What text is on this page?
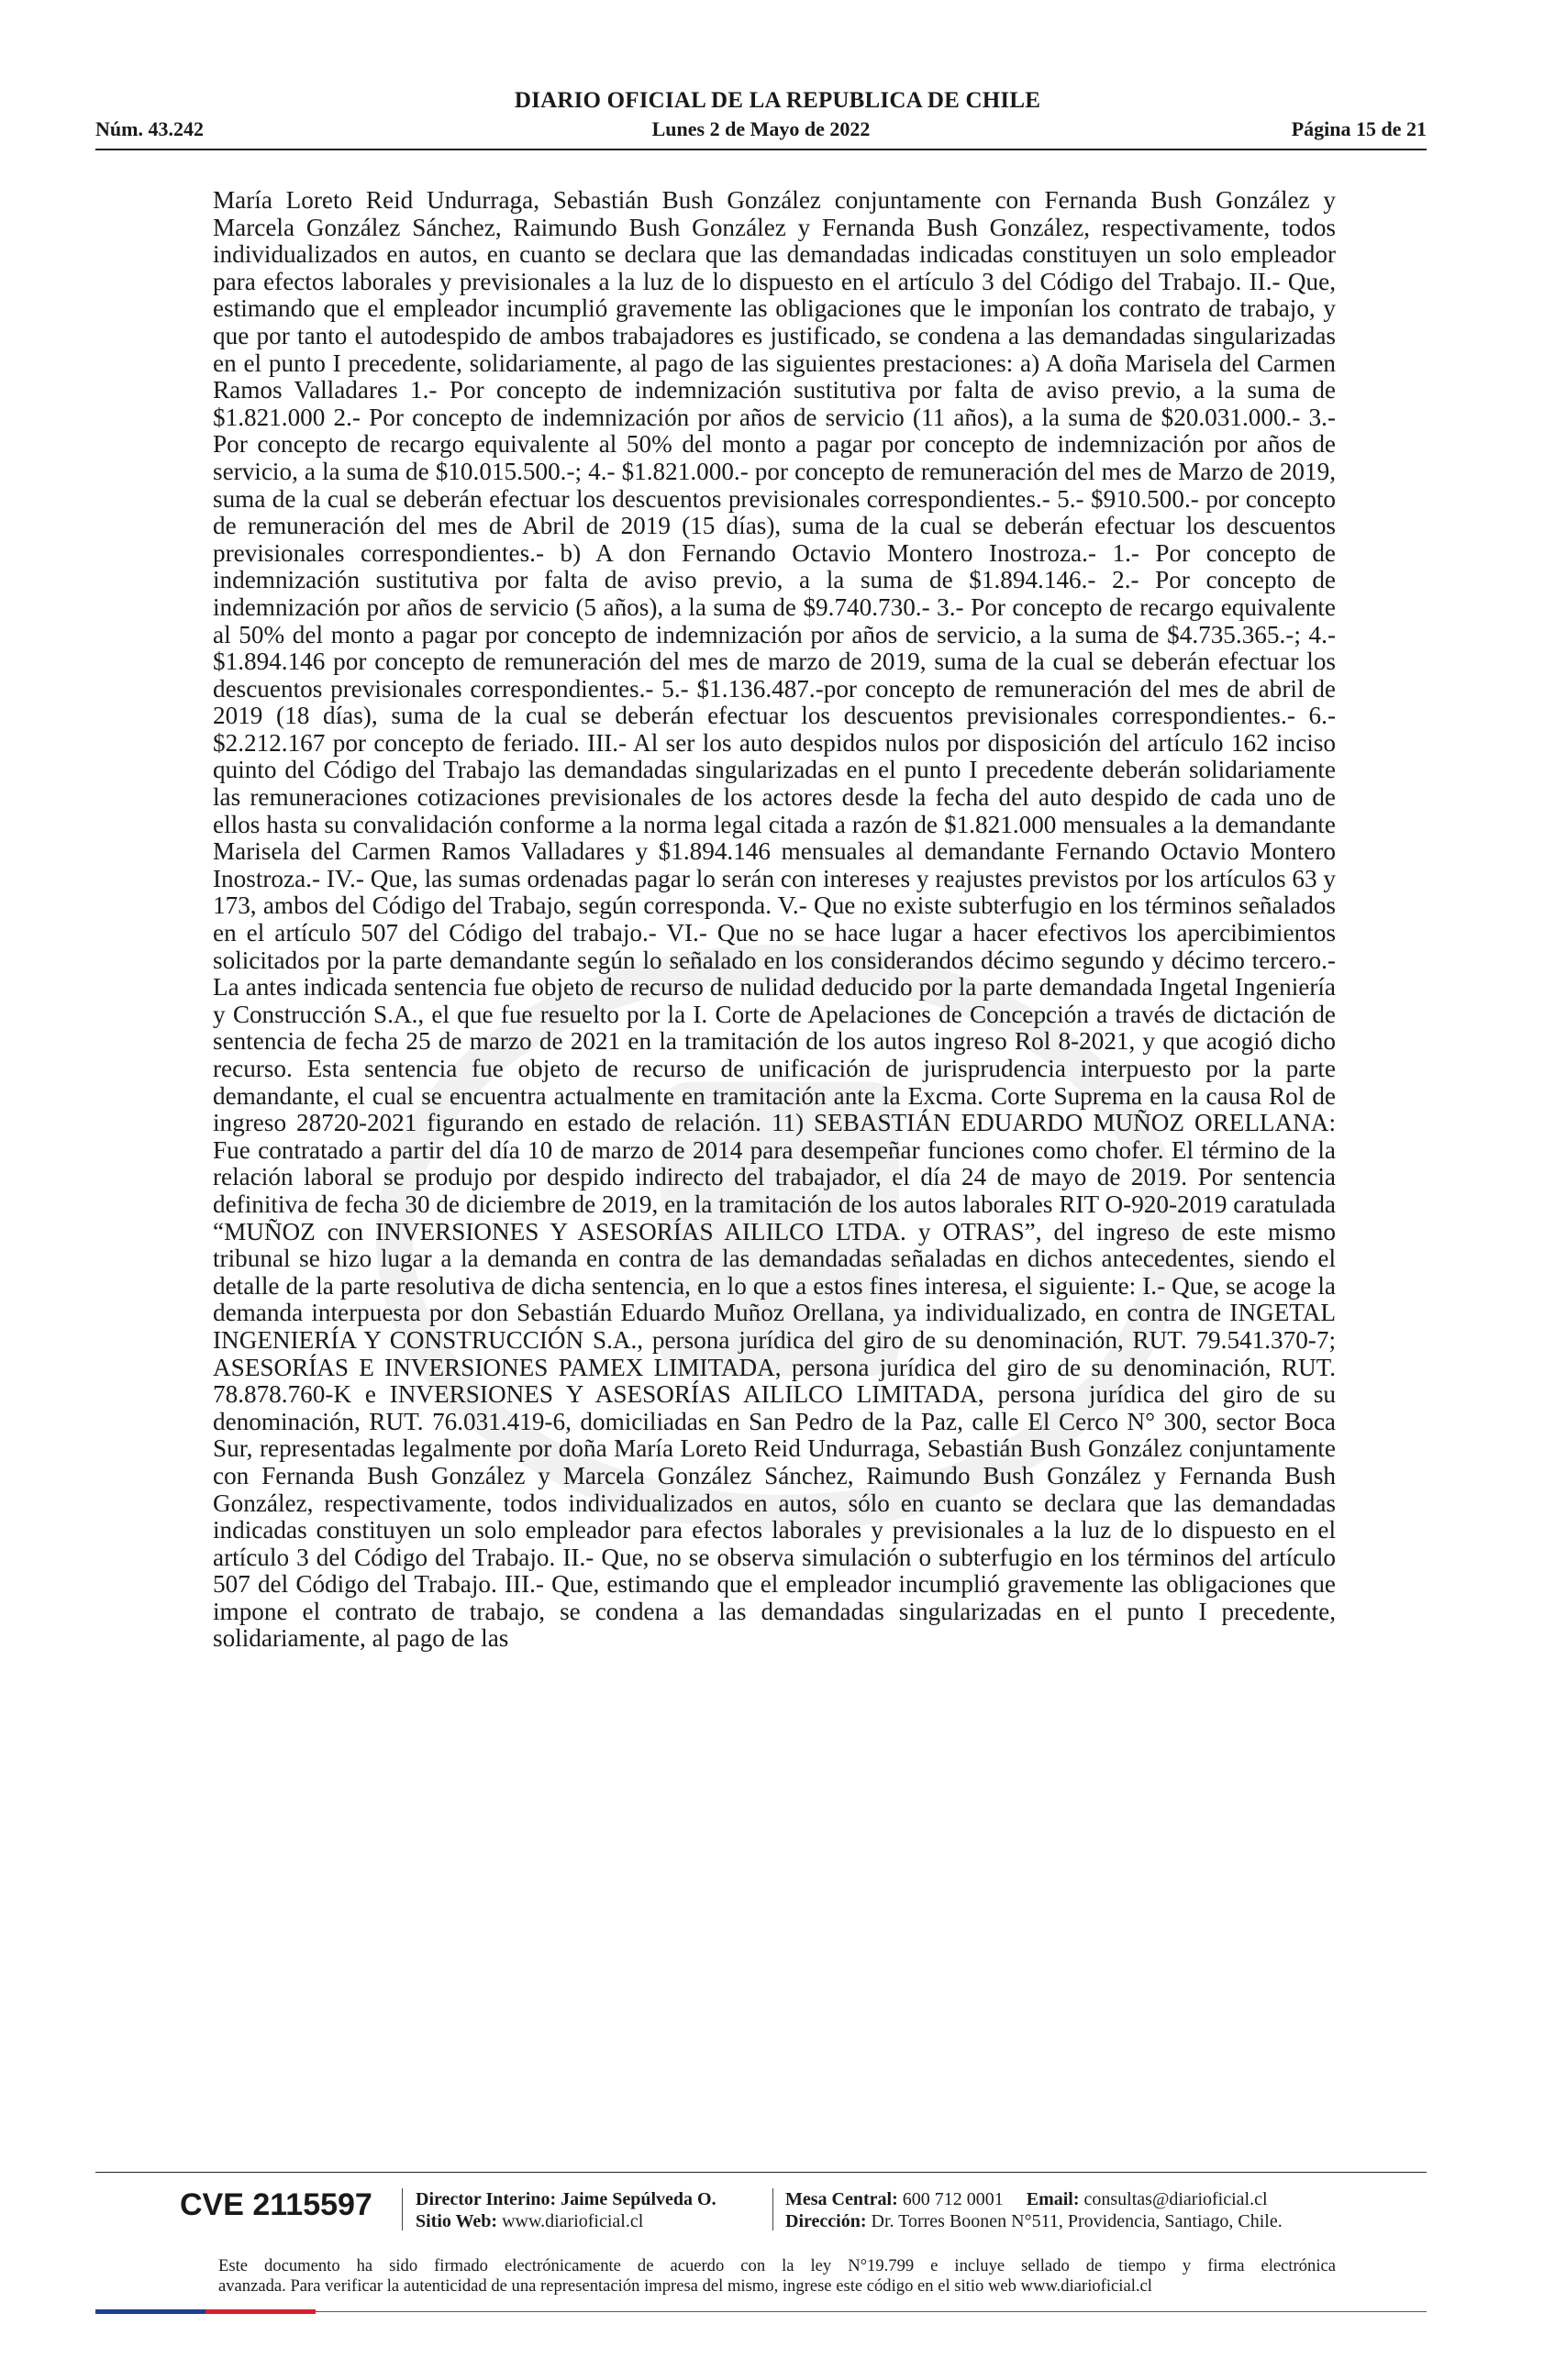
DIARIO OFICIAL DE LA REPUBLICA DE CHILE
Núm. 43.242	Lunes 2 de Mayo de 2022	Página 15 de 21
María Loreto Reid Undurraga, Sebastián Bush González conjuntamente con Fernanda Bush González y Marcela González Sánchez, Raimundo Bush González y Fernanda Bush González, respectivamente, todos individualizados en autos, en cuanto se declara que las demandadas indicadas constituyen un solo empleador para efectos laborales y previsionales a la luz de lo dispuesto en el artículo 3 del Código del Trabajo. II.- Que, estimando que el empleador incumplió gravemente las obligaciones que le imponían los contrato de trabajo, y que por tanto el autodespido de ambos trabajadores es justificado, se condena a las demandadas singularizadas en el punto I precedente, solidariamente, al pago de las siguientes prestaciones: a) A doña Marisela del Carmen Ramos Valladares 1.- Por concepto de indemnización sustitutiva por falta de aviso previo, a la suma de $1.821.000 2.- Por concepto de indemnización por años de servicio (11 años), a la suma de $20.031.000.- 3.- Por concepto de recargo equivalente al 50% del monto a pagar por concepto de indemnización por años de servicio, a la suma de $10.015.500.-; 4.- $1.821.000.- por concepto de remuneración del mes de Marzo de 2019, suma de la cual se deberán efectuar los descuentos previsionales correspondientes.- 5.- $910.500.- por concepto de remuneración del mes de Abril de 2019 (15 días), suma de la cual se deberán efectuar los descuentos previsionales correspondientes.- b) A don Fernando Octavio Montero Inostroza.- 1.- Por concepto de indemnización sustitutiva por falta de aviso previo, a la suma de $1.894.146.- 2.- Por concepto de indemnización por años de servicio (5 años), a la suma de $9.740.730.- 3.- Por concepto de recargo equivalente al 50% del monto a pagar por concepto de indemnización por años de servicio, a la suma de $4.735.365.-; 4.- $1.894.146 por concepto de remuneración del mes de marzo de 2019, suma de la cual se deberán efectuar los descuentos previsionales correspondientes.- 5.- $1.136.487.-por concepto de remuneración del mes de abril de 2019 (18 días), suma de la cual se deberán efectuar los descuentos previsionales correspondientes.- 6.- $2.212.167 por concepto de feriado. III.- Al ser los auto despidos nulos por disposición del artículo 162 inciso quinto del Código del Trabajo las demandadas singularizadas en el punto I precedente deberán solidariamente las remuneraciones cotizaciones previsionales de los actores desde la fecha del auto despido de cada uno de ellos hasta su convalidación conforme a la norma legal citada a razón de $1.821.000 mensuales a la demandante Marisela del Carmen Ramos Valladares y $1.894.146 mensuales al demandante Fernando Octavio Montero Inostroza.- IV.- Que, las sumas ordenadas pagar lo serán con intereses y reajustes previstos por los artículos 63 y 173, ambos del Código del Trabajo, según corresponda. V.- Que no existe subterfugio en los términos señalados en el artículo 507 del Código del trabajo.- VI.- Que no se hace lugar a hacer efectivos los apercibimientos solicitados por la parte demandante según lo señalado en los considerandos décimo segundo y décimo tercero.- La antes indicada sentencia fue objeto de recurso de nulidad deducido por la parte demandada Ingetal Ingeniería y Construcción S.A., el que fue resuelto por la I. Corte de Apelaciones de Concepción a través de dictación de sentencia de fecha 25 de marzo de 2021 en la tramitación de los autos ingreso Rol 8-2021, y que acogió dicho recurso. Esta sentencia fue objeto de recurso de unificación de jurisprudencia interpuesto por la parte demandante, el cual se encuentra actualmente en tramitación ante la Excma. Corte Suprema en la causa Rol de ingreso 28720-2021 figurando en estado de relación. 11) SEBASTIÁN EDUARDO MUÑOZ ORELLANA: Fue contratado a partir del día 10 de marzo de 2014 para desempeñar funciones como chofer. El término de la relación laboral se produjo por despido indirecto del trabajador, el día 24 de mayo de 2019. Por sentencia definitiva de fecha 30 de diciembre de 2019, en la tramitación de los autos laborales RIT O-920-2019 caratulada “MUÑOZ con INVERSIONES Y ASESORÍAS AILILCO LTDA. y OTRAS”, del ingreso de este mismo tribunal se hizo lugar a la demanda en contra de las demandadas señaladas en dichos antecedentes, siendo el detalle de la parte resolutiva de dicha sentencia, en lo que a estos fines interesa, el siguiente: I.- Que, se acoge la demanda interpuesta por don Sebastián Eduardo Muñoz Orellana, ya individualizado, en contra de INGETAL INGENIERÍA Y CONSTRUCCIÓN S.A., persona jurídica del giro de su denominación, RUT. 79.541.370-7; ASESORÍAS E INVERSIONES PAMEX LIMITADA, persona jurídica del giro de su denominación, RUT. 78.878.760-K e INVERSIONES Y ASESORÍAS AILILCO LIMITADA, persona jurídica del giro de su denominación, RUT. 76.031.419-6, domiciliadas en San Pedro de la Paz, calle El Cerco N° 300, sector Boca Sur, representadas legalmente por doña María Loreto Reid Undurraga, Sebastián Bush González conjuntamente con Fernanda Bush González y Marcela González Sánchez, Raimundo Bush González y Fernanda Bush González, respectivamente, todos individualizados en autos, sólo en cuanto se declara que las demandadas indicadas constituyen un solo empleador para efectos laborales y previsionales a la luz de lo dispuesto en el artículo 3 del Código del Trabajo. II.- Que, no se observa simulación o subterfugio en los términos del artículo 507 del Código del Trabajo. III.- Que, estimando que el empleador incumplió gravemente las obligaciones que impone el contrato de trabajo, se condena a las demandadas singularizadas en el punto I precedente, solidariamente, al pago de las
CVE 2115597 Director Interino: Jaime Sepúlveda O.
Sitio Web: www.diarioficial.cl
Mesa Central: 600 712 0001 Email: consultas@diarioficial.cl
Dirección: Dr. Torres Boonen N°511, Providencia, Santiago, Chile.
Este documento ha sido firmado electrónicamente de acuerdo con la ley N°19.799 e incluye sellado de tiempo y firma electrónica
avanzada. Para verificar la autenticidad de una representación impresa del mismo, ingrese este código en el sitio web www.diarioficial.cl
